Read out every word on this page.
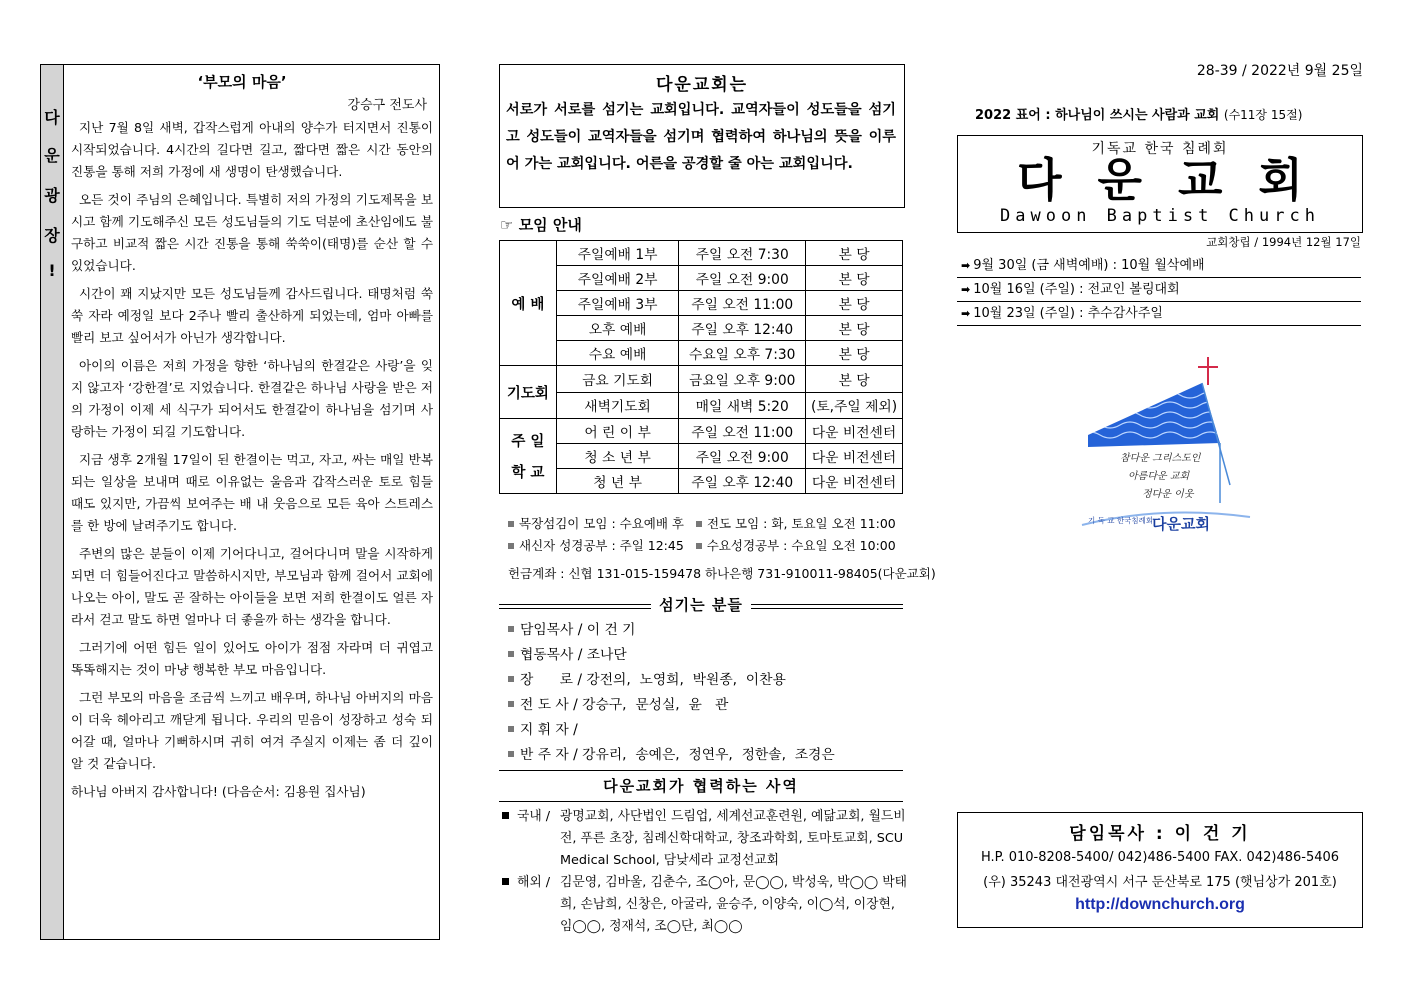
다
운
광
장
!
‘부모의 마음’
강승구 전도사

지난 7월 8일 새벽, 갑작스럽게 아내의 양수가 터지면서 진통이 시작되었습니다. 4시간의 길다면 길고, 짧다면 짧은 시간 동안의 진통을 통해 저희 가정에 새 생명이 탄생했습니다.

오든 것이 주님의 은혜입니다. 특별히 저의 가정의 기도제목을 보시고 함께 기도해주신 모든 성도님들의 기도 덕분에 초산임에도 불구하고 비교적 짧은 시간 진통을 통해 쑥쑥이(태명)를 순산 할 수 있었습니다.

시간이 꽤 지났지만 모든 성도님들께 감사드립니다. 태명처럼 쑥쑥 자라 예정일 보다 2주나 빨리 출산하게 되었는데, 엄마 아빠를 빨리 보고 싶어서가 아닌가 생각합니다.

아이의 이름은 저희 가정을 향한 ‘하나님의 한결같은 사랑’을 잊지 않고자 ‘강한결’로 지었습니다. 한결같은 하나님 사랑을 받은 저의 가정이 이제 세 식구가 되어서도 한결같이 하나님을 섬기며 사랑하는 가정이 되길 기도합니다.

지금 생후 2개월 17일이 된 한결이는 먹고, 자고, 싸는 매일 반복되는 일상을 보내며 때로 이유없는 울음과 갑작스러운 토로 힘들 때도 있지만, 가끔씩 보여주는 배 내 웃음으로 모든 육아 스트레스를 한 방에 날려주기도 합니다.

주변의 많은 분들이 이제 기어다니고, 걸어다니며 말을 시작하게 되면 더 힘들어진다고 말씀하시지만, 부모님과 함께 걸어서 교회에 나오는 아이, 말도 곧 잘하는 아이들을 보면 저희 한결이도 얼른 자라서 걷고 말도 하면 얼마나 더 좋을까 하는 생각을 합니다.

그러기에 어떤 힘든 일이 있어도 아이가 점점 자라며 더 귀엽고 똑똑해지는 것이 마냥 행복한 부모 마음입니다.

그런 부모의 마음을 조금씩 느끼고 배우며, 하나님 아버지의 마음이 더욱 헤아리고 깨닫게 됩니다. 우리의 믿음이 성장하고 성숙 되어갈 때, 얼마나 기뻐하시며 귀히 여겨 주실지 이제는 좀 더 깊이 알 것 같습니다.

하나님 아버지 감사합니다! (다음순서: 김용원 집사님)
다운교회는
서로가 서로를 섬기는 교회입니다. 교역자들이 성도들을 섬기고 성도들이 교역자들을 섬기며 협력하여 하나님의 뜻을 이루어 가는 교회입니다. 어른을 공경할 줄 아는 교회입니다.
☞ 모임 안내
예 배	주일예배 1부	주일 오전 7:30	본 당
	주일예배 2부	주일 오전 9:00	본 당
	주일예배 3부	주일 오전 11:00	본 당
	오후 예배	주일 오후 12:40	본 당
	수요 예배	수요일 오후 7:30	본 당
기도회	금요 기도회	금요일 오후 9:00	본 당
	새벽기도회	매일 새벽 5:20	(토,주일 제외)

주 일
학 교	어 린 이 부	주일 오전 11:00	다운 비전센터
	청 소 년 부	주일 오전 9:00	다운 비전센터
	청 년 부	주일 오후 12:40	다운 비전센터
목장섬김이 모임 : 수요예배 후 전도 모임 : 화, 토요일 오전 11:00
새신자 성경공부 : 주일 12:45 수요성경공부 : 수요일 오전 10:00
헌금계좌 : 신협 131-015-159478 하나은행 731-910011-98405(다운교회)
섬기는 분들
담임목사 / 이 건 기
협동목사 / 조나단
장      로 / 강전의,  노영희,  박원종,  이찬용
전 도 사 / 강승구,  문성실,  윤   관
지 휘 자 /
반 주 자 / 강유리,  송예은,  정연우,  정한솔,  조경은
다운교회가 협력하는 사역
국내 / 광명교회, 사단법인 드림업, 세계선교훈련원, 예닮교회, 월드비전, 푸른 초장, 침례신학대학교, 창조과학회, 토마토교회, SCU Medical School, 담낮세라 교정선교회
해외 / 김문영, 김바울, 김춘수, 조◯아, 문◯◯, 박성욱, 박◯◯ 박태희, 손남희, 신창은, 아굴라, 윤승주, 이양숙, 이◯석, 이장현, 임◯◯, 정재석, 조◯단, 최◯◯
28-39 / 2022년 9월 25일
2022 표어 : 하나님이 쓰시는 사람과 교회 (수11장 15절)
기독교 한국 침례회
다운교회
Dawoon Baptist Church
교회창립 / 1994년 12월 17일
➡ 9월 30일 (금 새벽예배) : 10월 월삭예배
➡ 10월 16일 (주일) : 전교인 볼링대회
➡ 10월 23일 (주일) : 추수감사주일
참다운 그리스도인
아름다운 교회
정다운 이웃
기 독 교 한국침례회
다운교회
담임목사 : 이 건 기
H.P. 010-8208-5400/ 042)486-5400 FAX. 042)486-5406
(우) 35243 대전광역시 서구 둔산북로 175 (햇님상가 201호)
http://downchurch.org
